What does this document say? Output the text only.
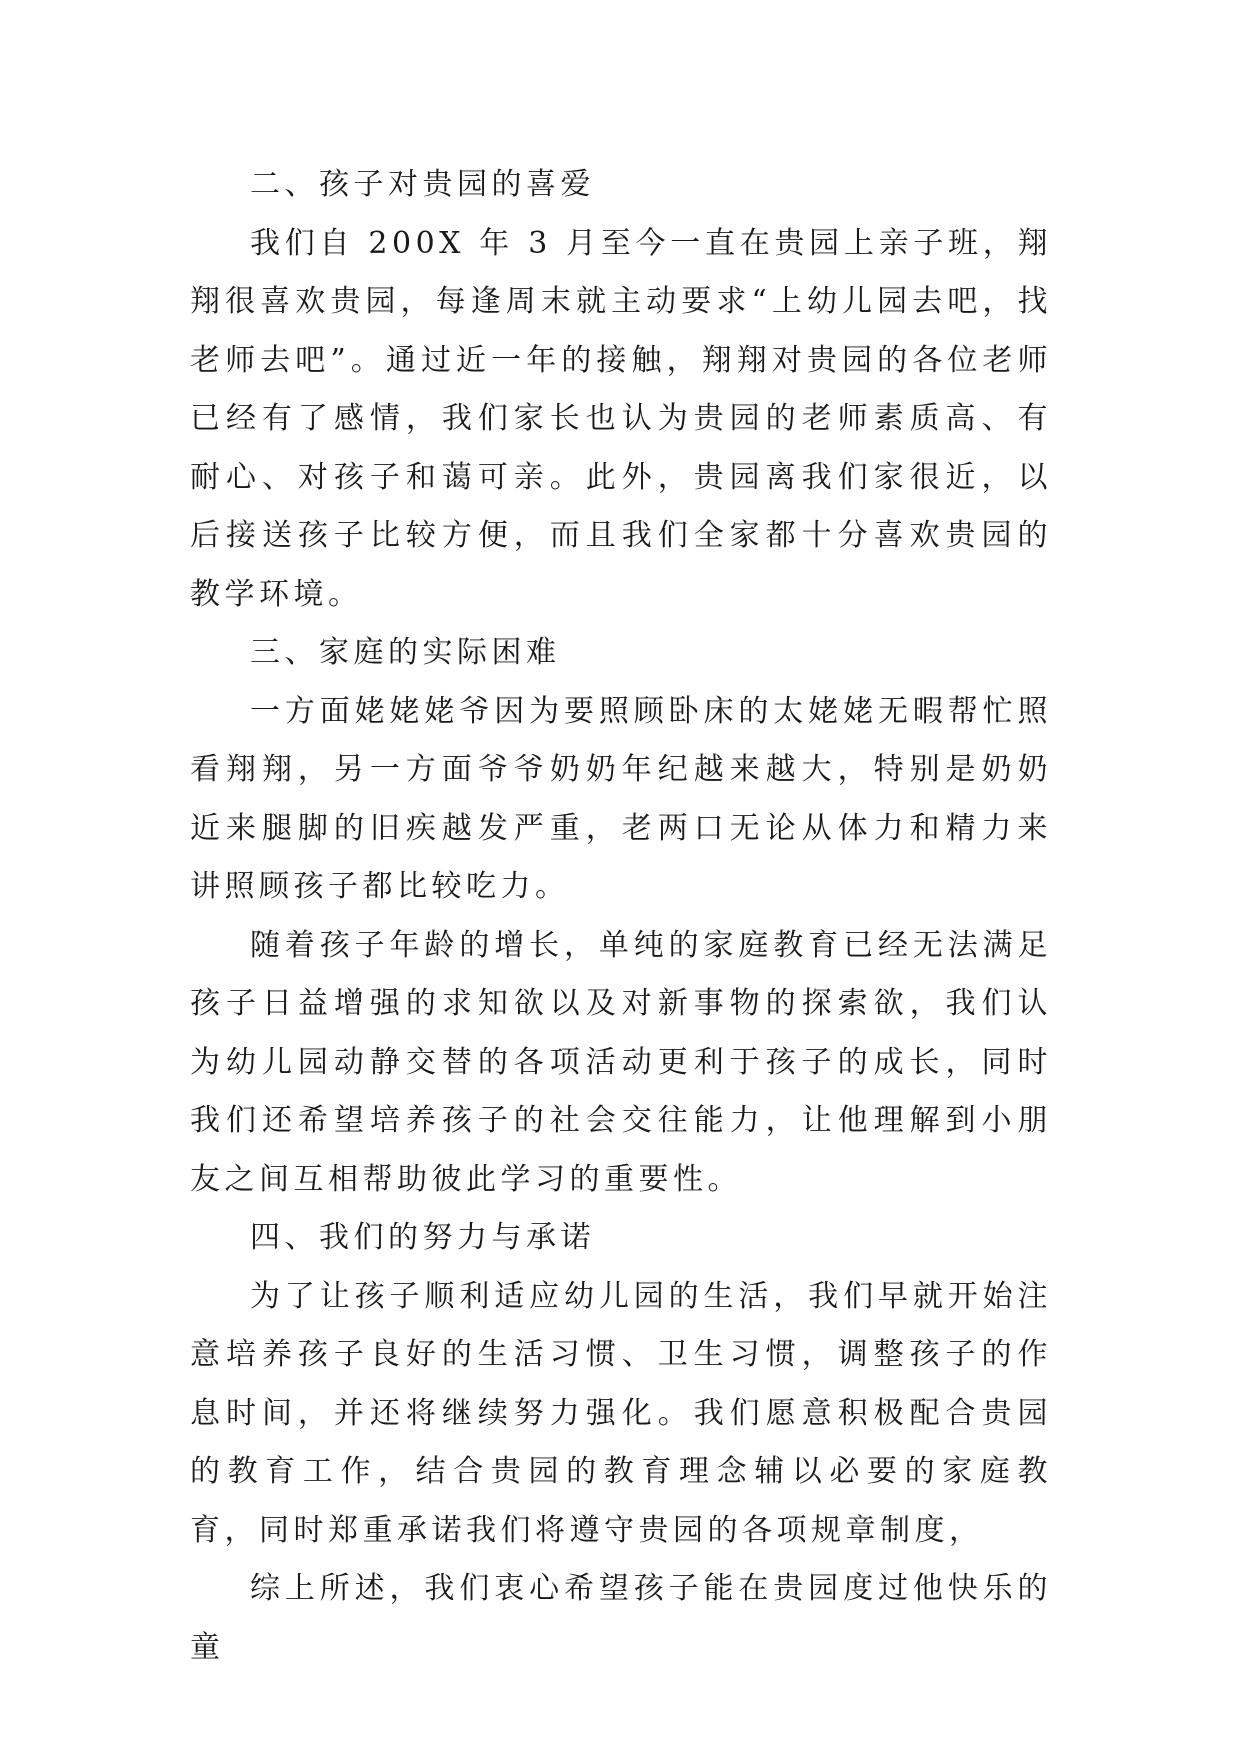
二、孩子对贵园的喜爱

我们自 200X 年 3 月至今一直在贵园上亲子班，翔翔很喜欢贵园，每逢周末就主动要求“上幼儿园去吧，找老师去吧”。通过近一年的接触，翔翔对贵园的各位老师已经有了感情，我们家长也认为贵园的老师素质高、有耐心、对孩子和蔼可亲。此外，贵园离我们家很近，以后接送孩子比较方便，而且我们全家都十分喜欢贵园的教学环境。

三、家庭的实际困难

一方面姥姥姥爷因为要照顾卧床的太姥姥无暇帮忙照看翔翔，另一方面爷爷奶奶年纪越来越大，特别是奶奶近来腿脚的旧疾越发严重，老两口无论从体力和精力来讲照顾孩子都比较吃力。

随着孩子年龄的增长，单纯的家庭教育已经无法满足孩子日益增强的求知欲以及对新事物的探索欲，我们认为幼儿园动静交替的各项活动更利于孩子的成长，同时我们还希望培养孩子的社会交往能力，让他理解到小朋友之间互相帮助彼此学习的重要性。

四、我们的努力与承诺

为了让孩子顺利适应幼儿园的生活，我们早就开始注意培养孩子良好的生活习惯、卫生习惯，调整孩子的作息时间，并还将继续努力强化。我们愿意积极配合贵园的教育工作，结合贵园的教育理念辅以必要的家庭教育，同时郑重承诺我们将遵守贵园的各项规章制度，

综上所述，我们衷心希望孩子能在贵园度过他快乐的童
